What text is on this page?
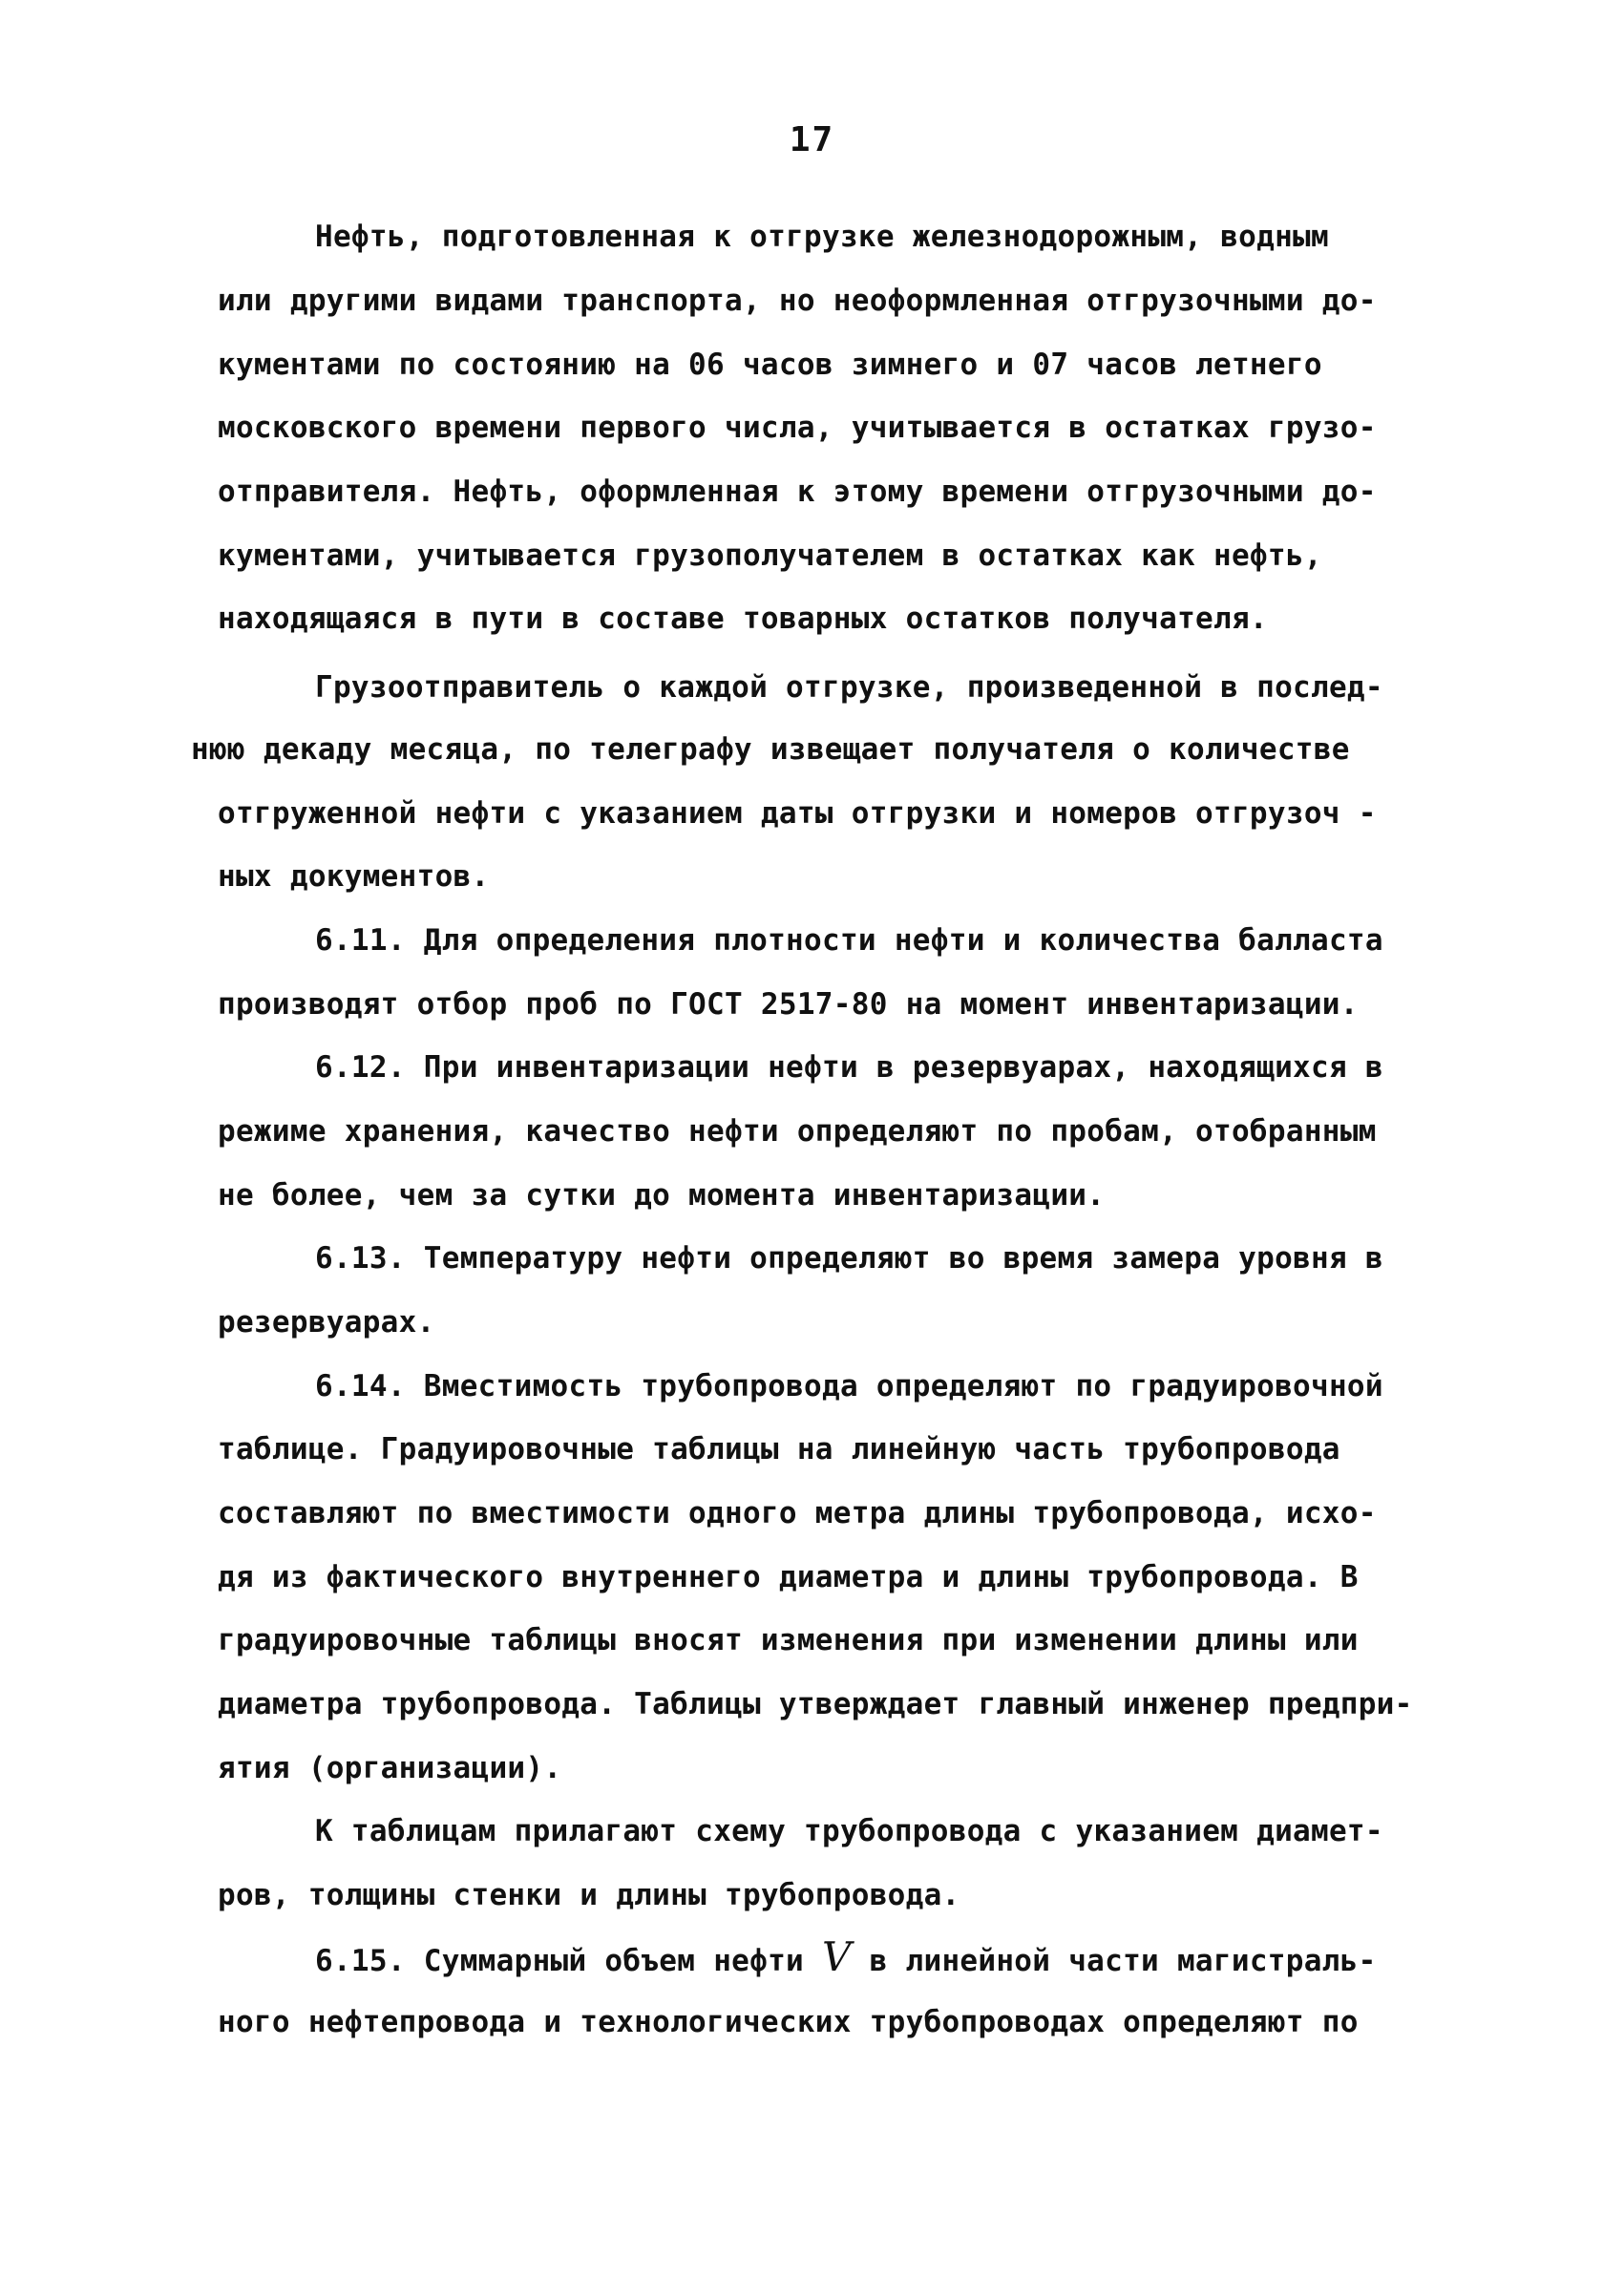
17
Нефть, подготовленная к отгрузке железнодорожным, водным
или другими видами транспорта, но неоформленная отгрузочными до-
кументами по состоянию на 06 часов зимнего и 07 часов летнего
московского времени первого числа, учитывается в остатках грузо-
отправителя. Нефть, оформленная к этому времени отгрузочными до-
кументами, учитывается грузополучателем в остатках как нефть,
находящаяся в пути в составе товарных остатков получателя.
Грузоотправитель о каждой отгрузке, произведенной в послед-
нюю декаду месяца, по телеграфу извещает получателя о количестве
отгруженной нефти с указанием даты отгрузки и номеров отгрузоч -
ных документов.
6.11. Для определения плотности нефти и количества балласта
производят отбор проб по ГОСТ 2517-80 на момент инвентаризации.
6.12. При инвентаризации нефти в резервуарах, находящихся в
режиме хранения, качество нефти определяют по пробам, отобранным
не более, чем за сутки до момента инвентаризации.
6.13. Температуру нефти определяют во время замера уровня в
резервуарах.
6.14. Вместимость трубопровода определяют по градуировочной
таблице. Градуировочные таблицы на линейную часть трубопровода
составляют по вместимости одного метра длины трубопровода, исхо-
дя из фактического внутреннего диаметра и длины трубопровода. В
градуировочные таблицы вносят изменения при изменении длины или
диаметра трубопровода. Таблицы утверждает главный инженер предпри-
ятия (организации).
К таблицам прилагают схему трубопровода с указанием диамет-
ров, толщины стенки и длины трубопровода.
6.15. Суммарный объем нефти V в линейной части магистраль-
ного нефтепровода и технологических трубопроводах определяют по
